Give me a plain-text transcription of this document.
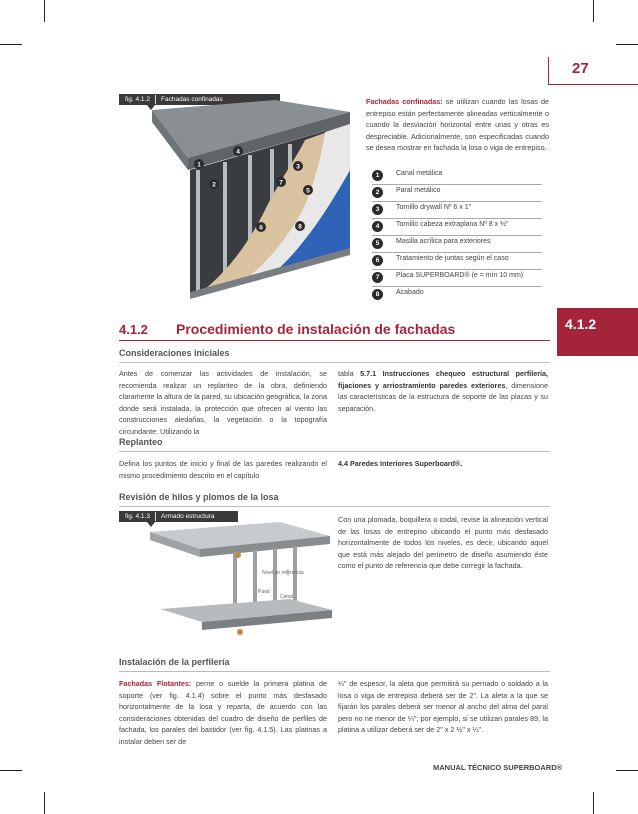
27
4.1.2
fig. 4.1.2 Fachadas confinadas
1
2
3
4
5
6
7
8
Fachadas confinadas: se utilizan cuando las losas de entrepiso están perfectamente alineadas verticalmente o cuando la desviación horizontal entre unas y otras es despreciable. Adicionalmente, son especificadas cuando se desea mostrar en fachada la losa o viga de entrepiso.
1	Canal metálica
2	Paral metálico
3	Tornillo drywall Nº 6 x 1"
4	Tornillo cabeza extraplana Nº 8 x ½"
5	Masilla acrílica para exteriores
6	Tratamiento de juntas según el caso
7	Placa SUPERBOARD® (e = mín 10 mm)
8	Acabado
4.1.2 Procedimiento de instalación de fachadas
Consideraciones iniciales
Antes de comenzar las actividades de instalación, se recomienda realizar un replanteo de la obra, definiendo claramente la altura de la pared, su ubicación geográfica, la zona donde será instalada, la protección que ofrecen al viento las construcciones aledañas, la vegetación o la topografía circundante. Utilizando la
tabla 5.7.1 Instrucciones chequeo estructural perfilería, fijaciones y arriostramiento paredes exteriores, dimensione las características de la estructura de soporte de las placas y su separación.
Replanteo
Defina los puntos de inicio y final de las paredes realizando el mismo procedimiento descrito en el capítulo
4.4 Paredes Interiores Superboard®.
Revisión de hilos y plomos de la losa
fig. 4.1.3 Armado estructura
Nivel de referencia
Paral
Canal
Con una plomada, boquillera o codal, revise la alineación vertical de las losas de entrepiso ubicando el punto más desfasado horizontalmente de todos los niveles, es decir, ubicando aquel que está más alejado del perímetro de diseño asumiendo éste como el punto de referencia que debe corregir la fachada.
Instalación de la perfilería
Fachadas Flotantes: perne o suelde la primera platina de soporte (ver fig. 4.1.4) sobre el punto más desfasado horizontalmente de la losa y reparta, de acuerdo con las consideraciones obtenidas del cuadro de diseño de perfiles de fachada, los parales del bastidor (ver fig. 4.1.5). Las platinas a instalar deben ser de
¼" de espesor, la aleta que permitirá su pernado o soldado a la losa o viga de entrepiso deberá ser de 2". La aleta a la que se fijarán los parales deberá ser menor al ancho del alma del paral pero no ne menor de ¼"; por ejemplo, si se utilizan parales 89, la platina a utilizar deberá ser de 2" x 2 ½" x ¼".
MANUAL TÉCNICO SUPERBOARD®
